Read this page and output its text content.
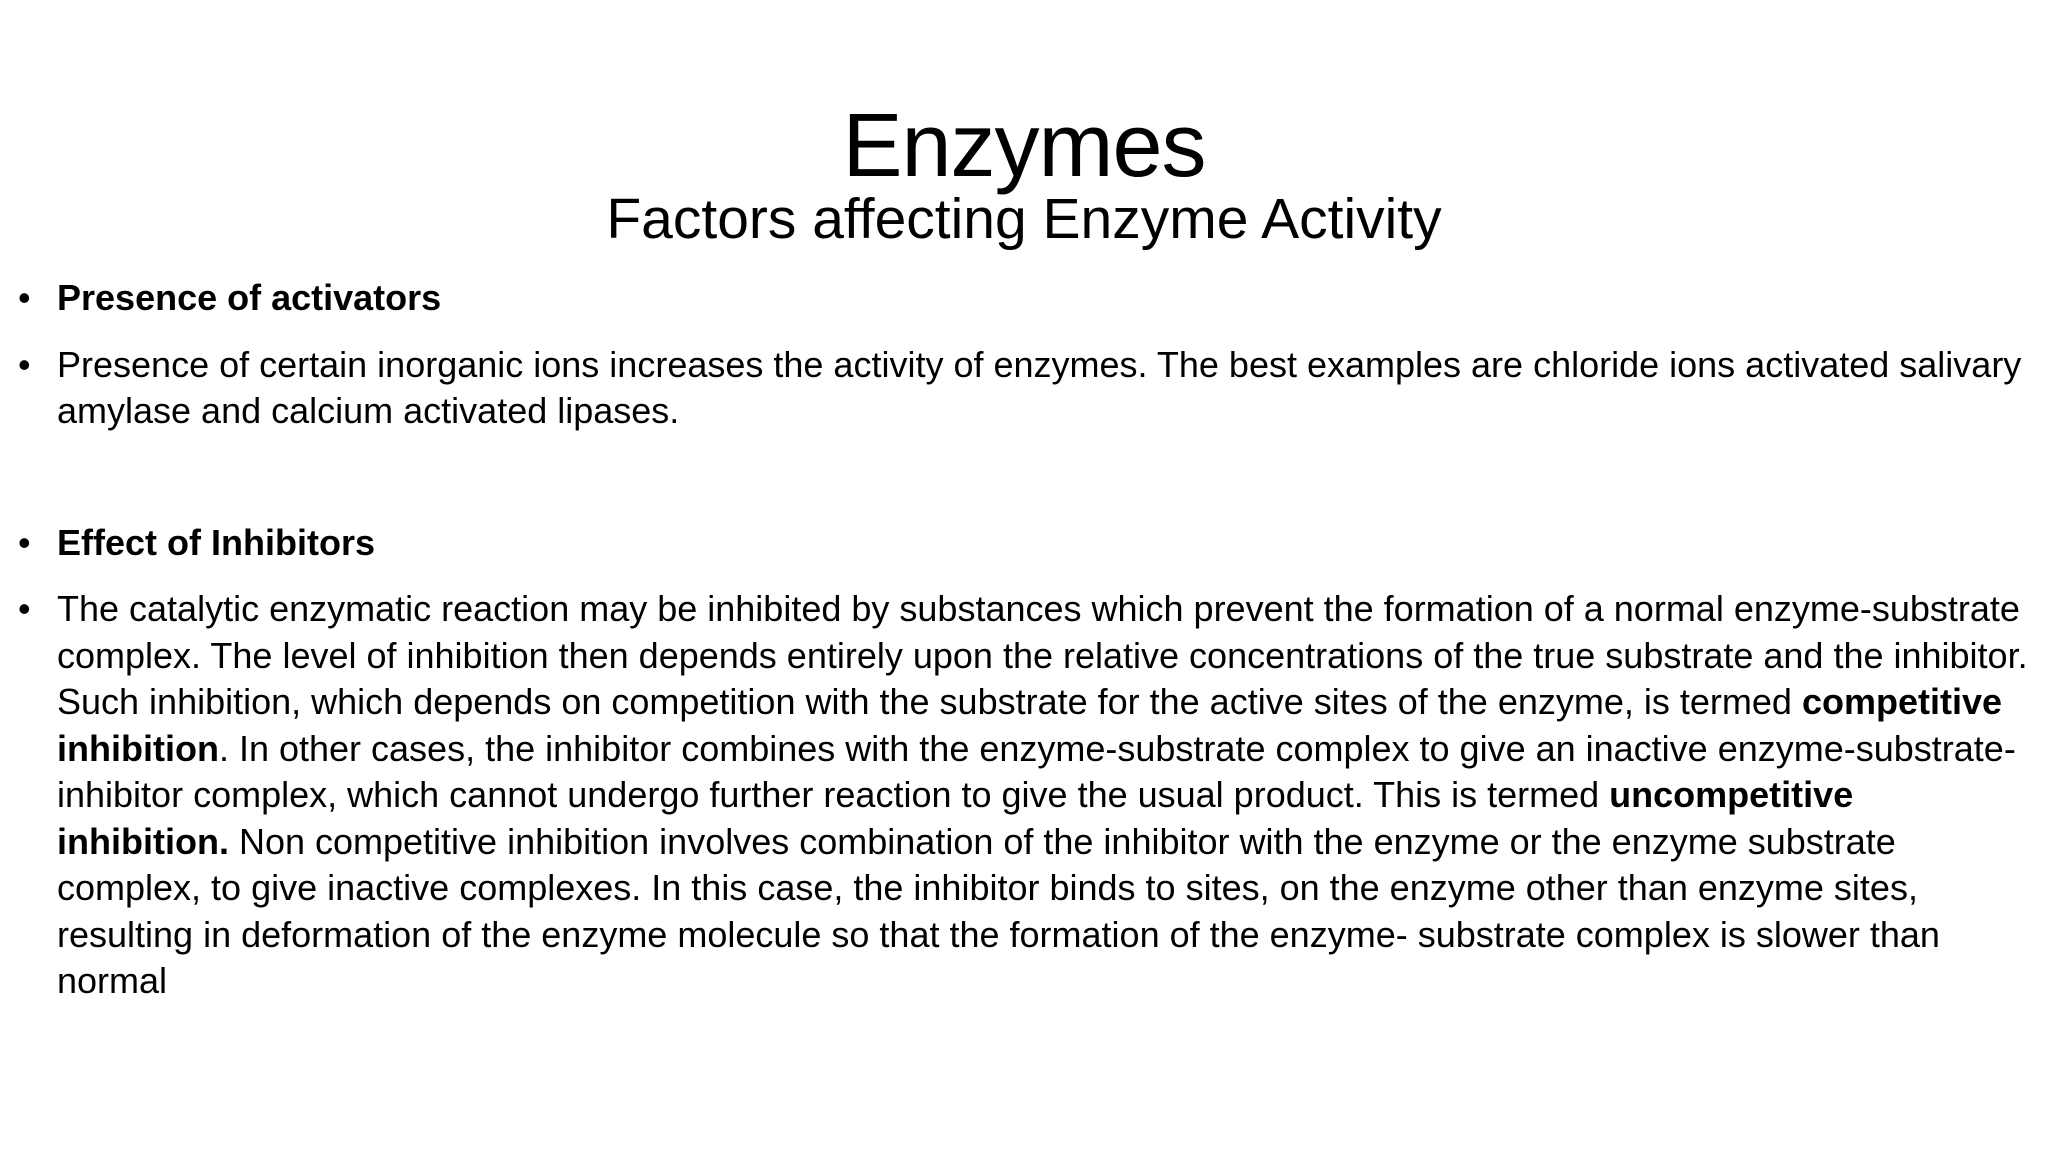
Enzymes
Factors affecting Enzyme Activity
• Presence of activators
• Presence of certain inorganic ions increases the activity of enzymes. The best examples are chloride ions activated salivary amylase and calcium activated lipases.
• Effect of Inhibitors
• The catalytic enzymatic reaction may be inhibited by substances which prevent the formation of a normal enzyme-substrate complex. The level of inhibition then depends entirely upon the relative concentrations of the true substrate and the inhibitor. Such inhibition, which depends on competition with the substrate for the active sites of the enzyme, is termed competitive inhibition. In other cases, the inhibitor combines with the enzyme-substrate complex to give an inactive enzyme-substrate-inhibitor complex, which cannot undergo further reaction to give the usual product. This is termed uncompetitive inhibition. Non competitive inhibition involves combination of the inhibitor with the enzyme or the enzyme substrate complex, to give inactive complexes. In this case, the inhibitor binds to sites, on the enzyme other than enzyme sites, resulting in deformation of the enzyme molecule so that the formation of the enzyme- substrate complex is slower than normal
